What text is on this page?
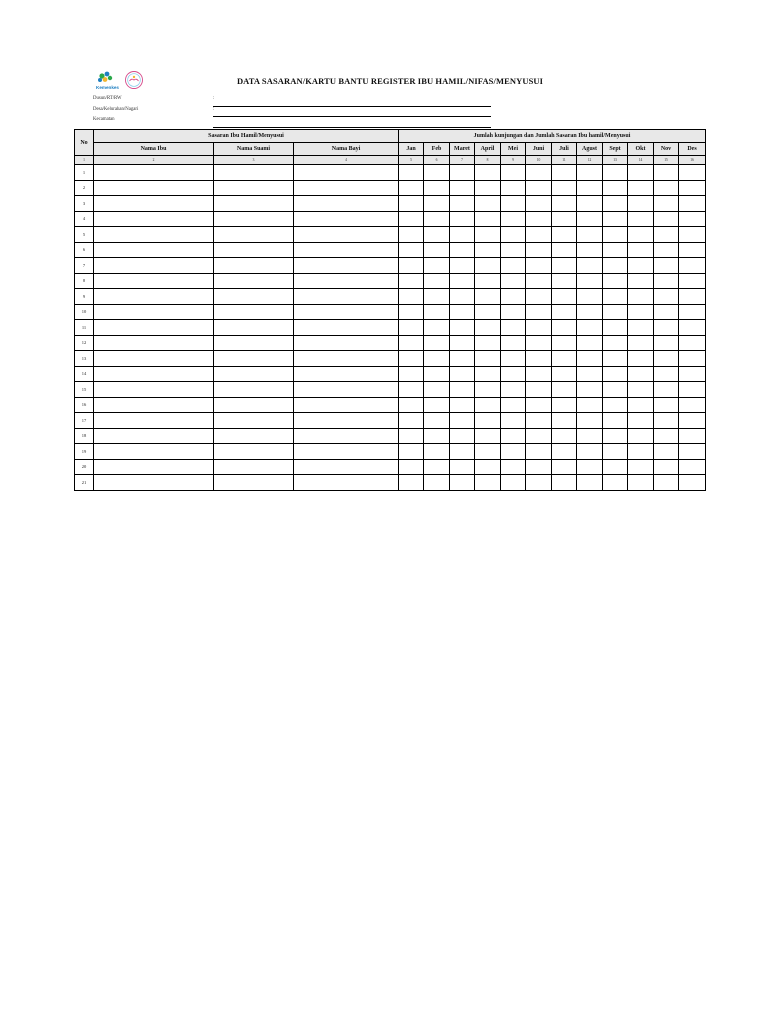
Kemenkes
DATA SASARAN/KARTU BANTU REGISTER IBU HAMIL/NIFAS/MENYUSUI
Dusun/RT/RW	:
Desa/Kelurahan/Nagari	:
Kecamatan
No	Sasaran Ibu Hamil/Menyusui			Jumlah kunjungan dan Jumlah Sasaran Ibu hamil/Menyusui											
	Nama Ibu	Nama Suami	Nama Bayi	Jan	Feb	Maret	April	Mei	Juni	Juli	Agust	Sept	Okt	Nov	Des
1	2	3	4	5	6	7	8	9	10	11	12	13	14	15	16
1															
2															
3															
4															
5															
6															
7															
8															
9															
10															
11															
12															
13															
14															
15															
16															
17															
18															
19															
20															
21															
